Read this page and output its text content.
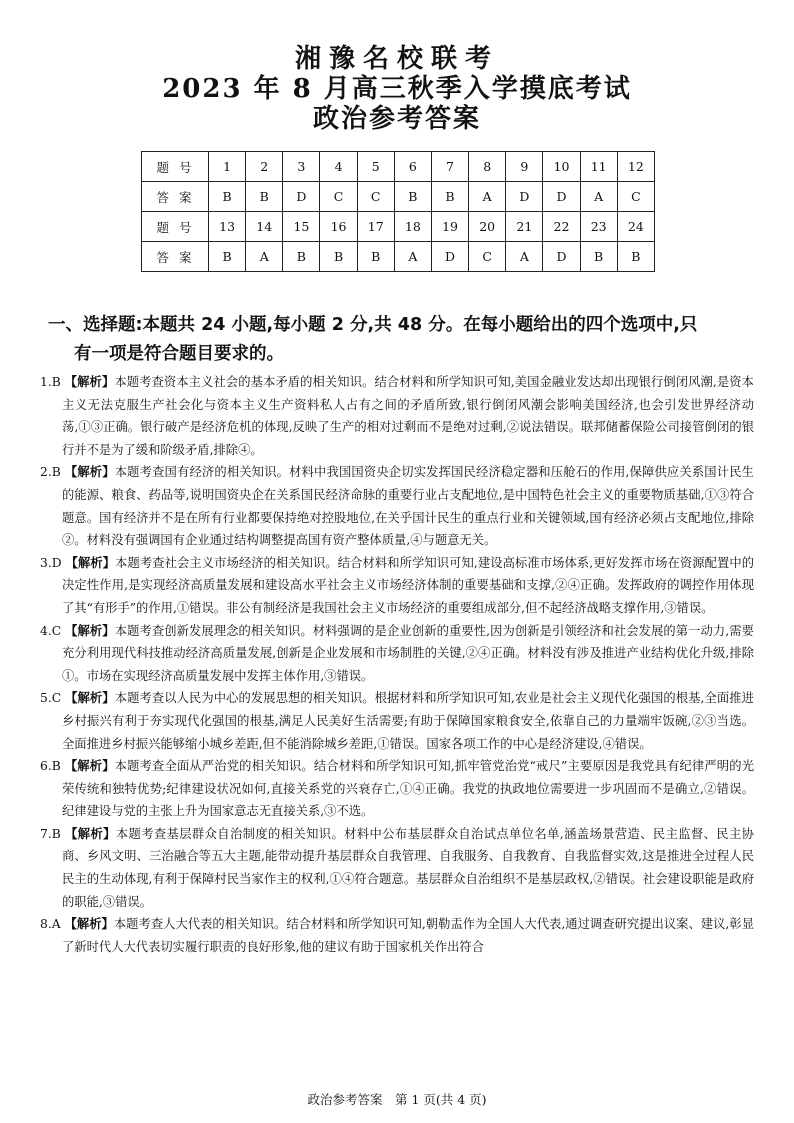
湘豫名校联考
2023 年 8 月高三秋季入学摸底考试
政治参考答案
题号	1	2	3	4	5	6	7	8	9	10	11	12
答案	B	B	D	C	C	B	B	A	D	D	A	C
题号	13	14	15	16	17	18	19	20	21	22	23	24
答案	B	A	B	B	B	A	D	C	A	D	B	B
一、选择题:本题共 24 小题,每小题 2 分,共 48 分。在每小题给出的四个选项中,只
有一项是符合题目要求的。

1.B 【解析】本题考查资本主义社会的基本矛盾的相关知识。结合材料和所学知识可知,美国金融业发达却出现银行倒闭风潮,是资本主义无法克服生产社会化与资本主义生产资料私人占有之间的矛盾所致,银行倒闭风潮会影响美国经济,也会引发世界经济动荡,①③正确。银行破产是经济危机的体现,反映了生产的相对过剩而不是绝对过剩,②说法错误。联邦储蓄保险公司接管倒闭的银行并不是为了缓和阶级矛盾,排除④。

2.B 【解析】本题考查国有经济的相关知识。材料中我国国资央企切实发挥国民经济稳定器和压舱石的作用,保障供应关系国计民生的能源、粮食、药品等,说明国资央企在关系国民经济命脉的重要行业占支配地位,是中国特色社会主义的重要物质基础,①③符合题意。国有经济并不是在所有行业都要保持绝对控股地位,在关乎国计民生的重点行业和关键领域,国有经济必须占支配地位,排除②。材料没有强调国有企业通过结构调整提高国有资产整体质量,④与题意无关。

3.D 【解析】本题考查社会主义市场经济的相关知识。结合材料和所学知识可知,建设高标准市场体系,更好发挥市场在资源配置中的决定性作用,是实现经济高质量发展和建设高水平社会主义市场经济体制的重要基础和支撑,②④正确。发挥政府的调控作用体现了其“有形手”的作用,①错误。非公有制经济是我国社会主义市场经济的重要组成部分,但不起经济战略支撑作用,③错误。

4.C 【解析】本题考查创新发展理念的相关知识。材料强调的是企业创新的重要性,因为创新是引领经济和社会发展的第一动力,需要充分利用现代科技推动经济高质量发展,创新是企业发展和市场制胜的关键,②④正确。材料没有涉及推进产业结构优化升级,排除①。市场在实现经济高质量发展中发挥主体作用,③错误。

5.C 【解析】本题考查以人民为中心的发展思想的相关知识。根据材料和所学知识可知,农业是社会主义现代化强国的根基,全面推进乡村振兴有利于夯实现代化强国的根基,满足人民美好生活需要;有助于保障国家粮食安全,依靠自己的力量端牢饭碗,②③当选。全面推进乡村振兴能够缩小城乡差距,但不能消除城乡差距,①错误。国家各项工作的中心是经济建设,④错误。

6.B 【解析】本题考查全面从严治党的相关知识。结合材料和所学知识可知,抓牢管党治党“戒尺”主要原因是我党具有纪律严明的光荣传统和独特优势;纪律建设状况如何,直接关系党的兴衰存亡,①④正确。我党的执政地位需要进一步巩固而不是确立,②错误。纪律建设与党的主张上升为国家意志无直接关系,③不选。

7.B 【解析】本题考查基层群众自治制度的相关知识。材料中公布基层群众自治试点单位名单,涵盖场景营造、民主监督、民主协商、乡风文明、三治融合等五大主题,能带动提升基层群众自我管理、自我服务、自我教育、自我监督实效,这是推进全过程人民民主的生动体现,有利于保障村民当家作主的权利,①④符合题意。基层群众自治组织不是基层政权,②错误。社会建设职能是政府的职能,③错误。

8.A 【解析】本题考查人大代表的相关知识。结合材料和所学知识可知,朝勒盂作为全国人大代表,通过调查研究提出议案、建议,彰显了新时代人大代表切实履行职责的良好形象,他的建议有助于国家机关作出符合

政治参考答案　第 1 页(共 4 页)
